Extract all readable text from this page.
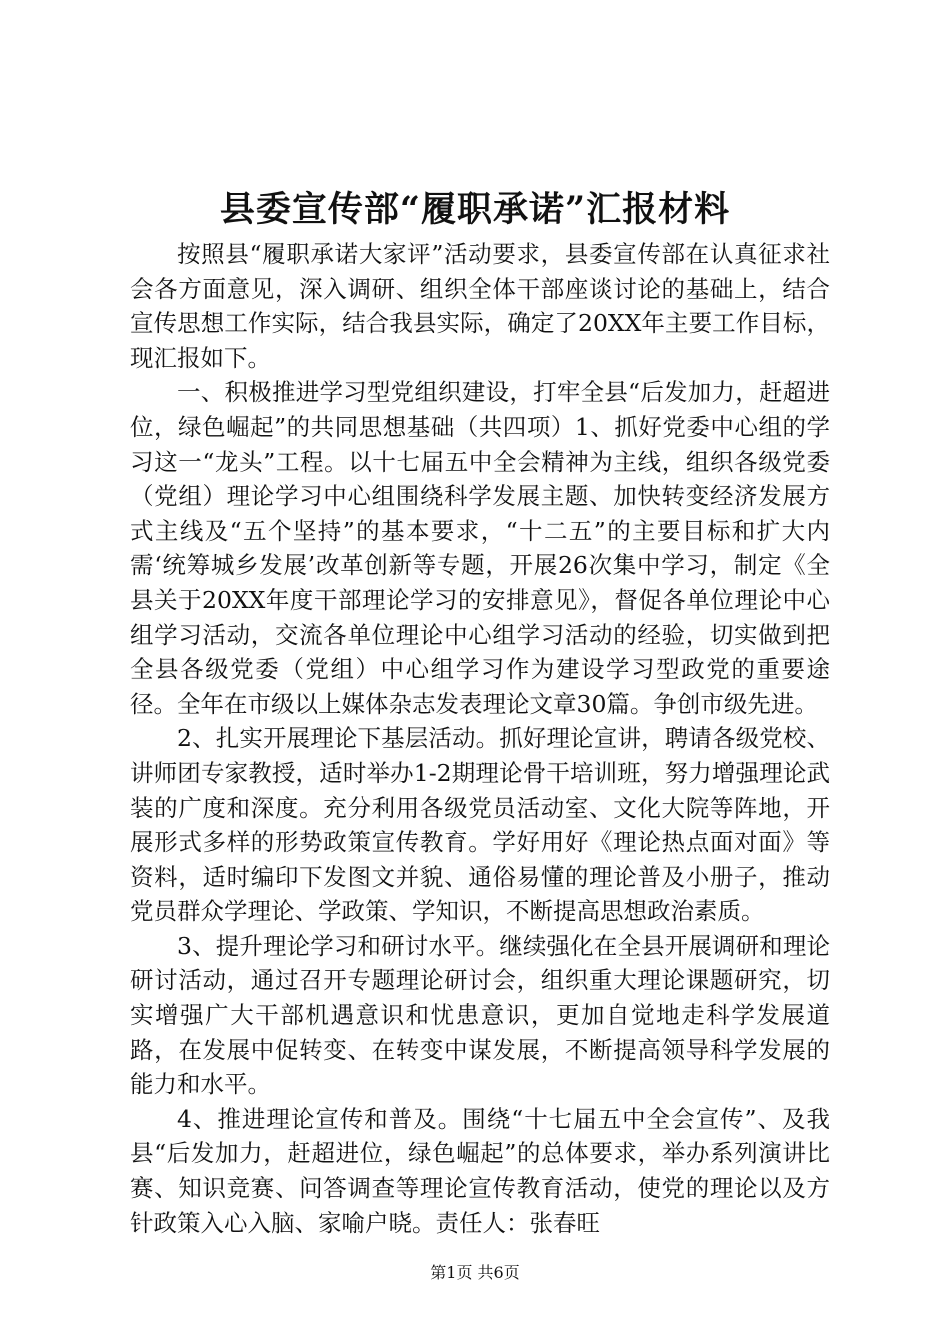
县委宣传部“履职承诺”汇报材料

按照县“履职承诺大家评”活动要求，县委宣传部在认真征求社会各方面意见，深入调研、组织全体干部座谈讨论的基础上，结合宣传思想工作实际，结合我县实际，确定了20XX年主要工作目标，现汇报如下。

一、积极推进学习型党组织建设，打牢全县“后发加力，赶超进位，绿色崛起”的共同思想基础（共四项）1、抓好党委中心组的学习这一“龙头”工程。以十七届五中全会精神为主线，组织各级党委（党组）理论学习中心组围绕科学发展主题、加快转变经济发展方式主线及“五个坚持”的基本要求，“十二五”的主要目标和扩大内需‘统筹城乡发展’改革创新等专题，开展26次集中学习，制定《全县关于20XX年度干部理论学习的安排意见》，督促各单位理论中心组学习活动，交流各单位理论中心组学习活动的经验，切实做到把全县各级党委（党组）中心组学习作为建设学习型政党的重要途径。全年在市级以上媒体杂志发表理论文章30篇。争创市级先进。

2、扎实开展理论下基层活动。抓好理论宣讲，聘请各级党校、讲师团专家教授，适时举办1-2期理论骨干培训班，努力增强理论武装的广度和深度。充分利用各级党员活动室、文化大院等阵地，开展形式多样的形势政策宣传教育。学好用好《理论热点面对面》等资料，适时编印下发图文并貌、通俗易懂的理论普及小册子，推动党员群众学理论、学政策、学知识，不断提高思想政治素质。

3、提升理论学习和研讨水平。继续强化在全县开展调研和理论研讨活动，通过召开专题理论研讨会，组织重大理论课题研究，切实增强广大干部机遇意识和忧患意识，更加自觉地走科学发展道路，在发展中促转变、在转变中谋发展，不断提高领导科学发展的能力和水平。

4、推进理论宣传和普及。围绕“十七届五中全会宣传”、及我县“后发加力，赶超进位，绿色崛起”的总体要求，举办系列演讲比赛、知识竞赛、问答调查等理论宣传教育活动，使党的理论以及方针政策入心入脑、家喻户晓。责任人：张春旺

第1页 共6页
